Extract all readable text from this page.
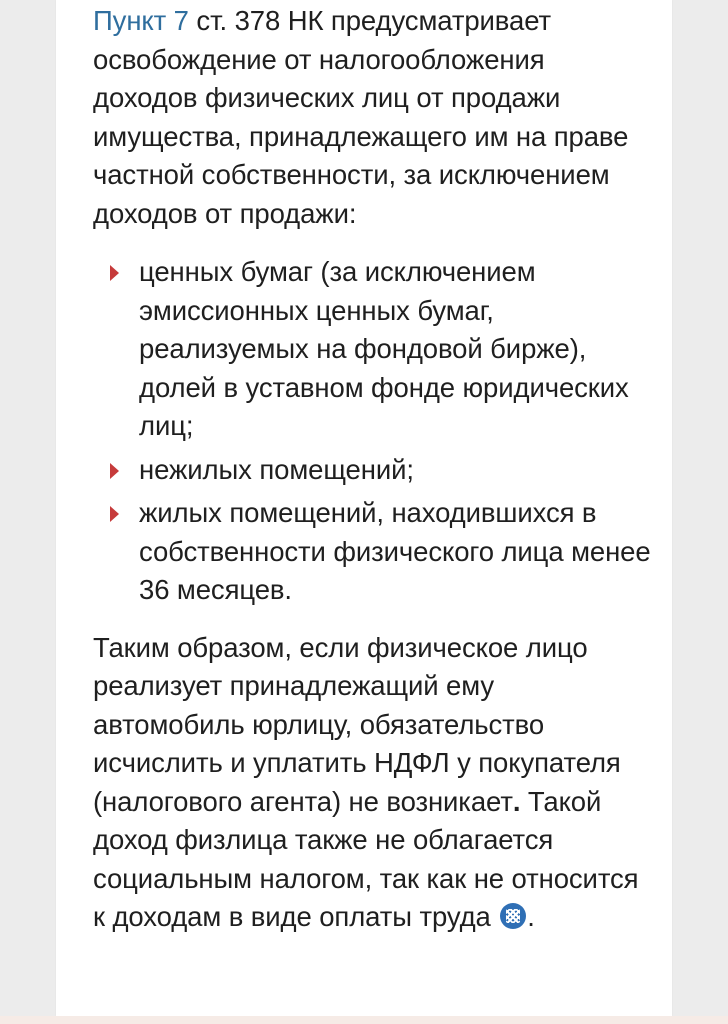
Пункт 7 ст. 378 НК предусматривает освобождение от налогообложения доходов физических лиц от продажи имущества, принадлежащего им на праве частной собственности, за исключением доходов от продажи:

ценных бумаг (за исключением эмиссионных ценных бумаг, реализуемых на фондовой бирже), долей в уставном фонде юридических лиц;
нежилых помещений;
жилых помещений, находившихся в собственности физического лица менее 36 месяцев.

Таким образом, если физическое лицо реализует принадлежащий ему автомобиль юрлицу, обязательство исчислить и уплатить НДФЛ у покупателя (налогового агента) не возникает. Такой доход физлица также не облагается социальным налогом, так как не относится к доходам в виде оплаты труда .
